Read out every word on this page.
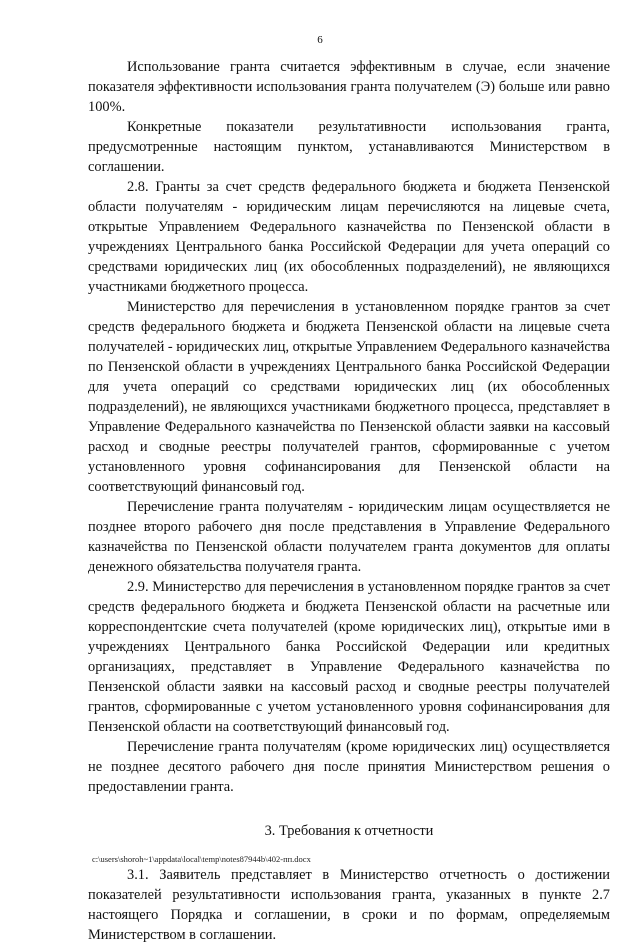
6

Использование гранта считается эффективным в случае, если значение показателя эффективности использования гранта получателем (Э) больше или равно 100%.

Конкретные показатели результативности использования гранта, предусмотренные настоящим пунктом, устанавливаются Министерством в соглашении.

2.8. Гранты за счет средств федерального бюджета и бюджета Пензенской области получателям - юридическим лицам перечисляются на лицевые счета, открытые Управлением Федерального казначейства по Пензенской области в учреждениях Центрального банка Российской Федерации для учета операций со средствами юридических лиц (их обособленных подразделений), не являющихся участниками бюджетного процесса.

Министерство для перечисления в установленном порядке грантов за счет средств федерального бюджета и бюджета Пензенской области на лицевые счета получателей - юридических лиц, открытые Управлением Федерального казначейства по Пензенской области в учреждениях Центрального банка Российской Федерации для учета операций со средствами юридических лиц (их обособленных подразделений), не являющихся участниками бюджетного процесса, представляет в Управление Федерального казначейства по Пензенской области заявки на кассовый расход и сводные реестры получателей грантов, сформированные с учетом установленного уровня софинансирования для Пензенской области на соответствующий финансовый год.

Перечисление гранта получателям - юридическим лицам осуществляется не позднее второго рабочего дня после представления в Управление Федерального казначейства по Пензенской области получателем гранта документов для оплаты денежного обязательства получателя гранта.

2.9. Министерство для перечисления в установленном порядке грантов за счет средств федерального бюджета и бюджета Пензенской области на расчетные или корреспондентские счета получателей (кроме юридических лиц), открытые ими в учреждениях Центрального банка Российской Федерации или кредитных организациях, представляет в Управление Федерального казначейства по Пензенской области заявки на кассовый расход и сводные реестры получателей грантов, сформированные с учетом установленного уровня софинансирования для Пензенской области на соответствующий финансовый год.

Перечисление гранта получателям (кроме юридических лиц) осуществляется не позднее десятого рабочего дня после принятия Министерством решения о предоставлении гранта.

3. Требования к отчетности

3.1. Заявитель представляет в Министерство отчетность о достижении показателей результативности использования гранта, указанных в пункте 2.7 настоящего Порядка и соглашении, в сроки и по формам, определяемым Министерством в соглашении.

c:\users\shoroh~1\appdata\local\temp\notes87944b\402-пп.docx
